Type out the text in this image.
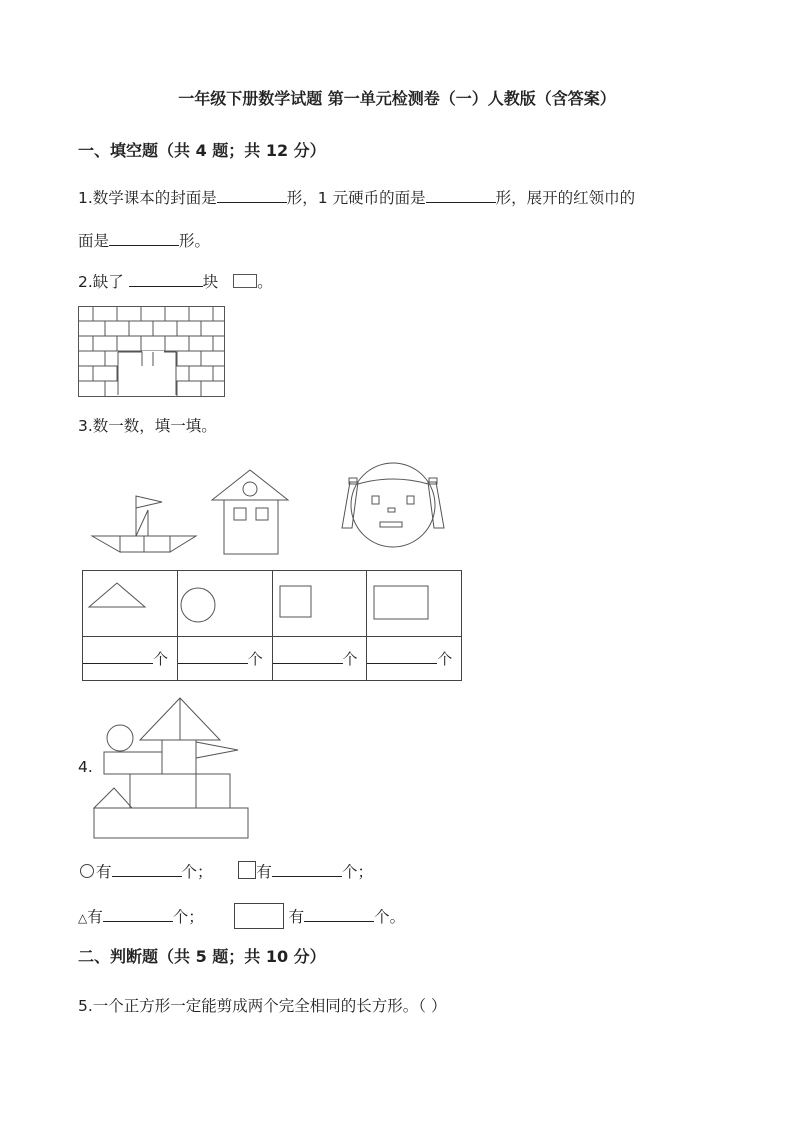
一年级下册数学试题 第一单元检测卷（一）人教版（含答案）
一、填空题（共 4 题；共 12 分）
1.数学课本的封面是	形，1 元硬币的面是	形，展开的红领巾的
面是	形。
2.缺了	块	。
3.数一数，填一填。

个	个	个	个
4.
有	个；	有	个；
△有	个；	有	个。
二、判断题（共 5 题；共 10 分）
5.一个正方形一定能剪成两个完全相同的长方形。（ ）
